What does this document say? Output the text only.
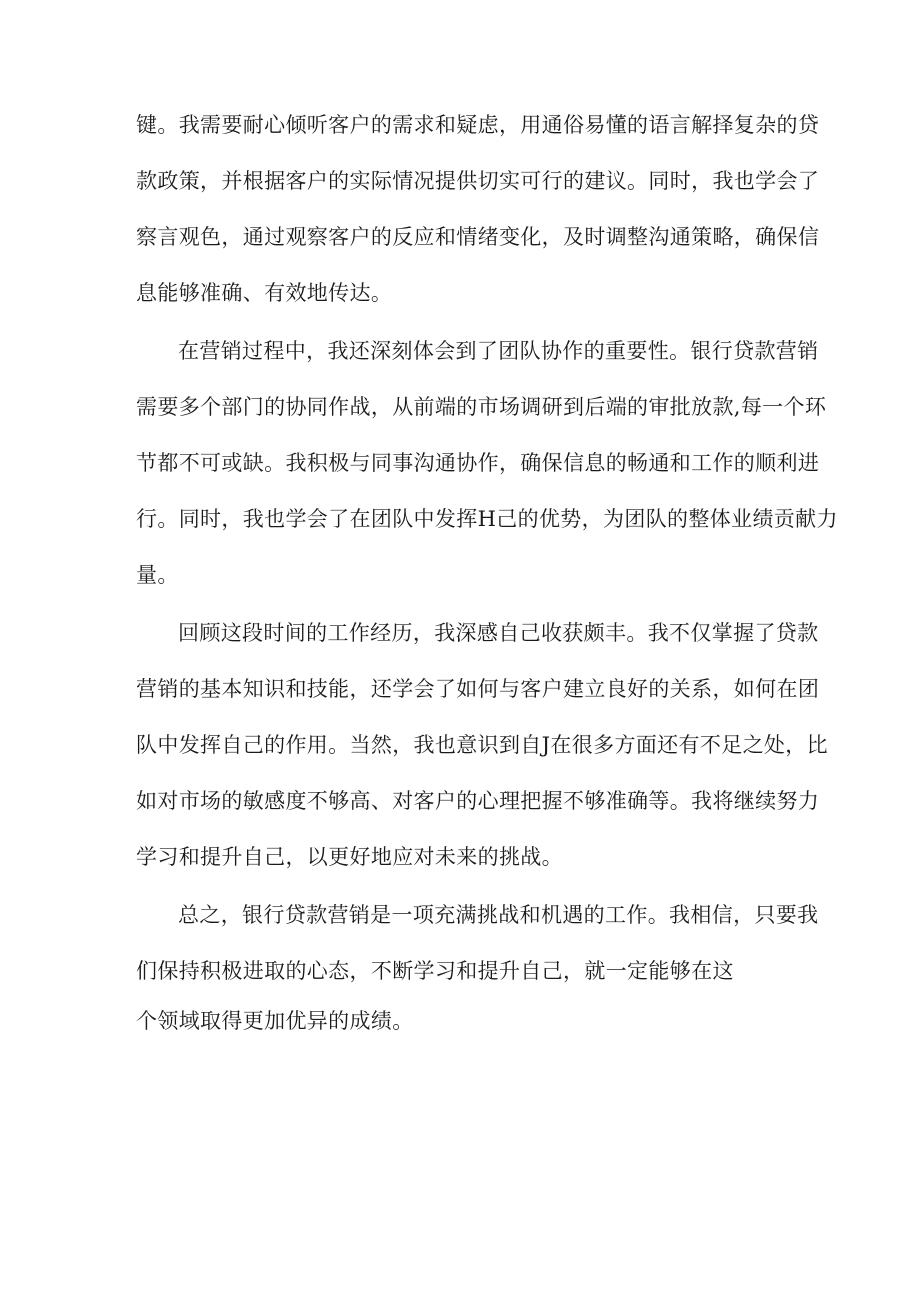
键。我需要耐心倾听客户的需求和疑虑，用通俗易懂的语言解择复杂的贷
款政策，并根据客户的实际情况提供切实可行的建议。同时，我也学会了
察言观色，通过观察客户的反应和情绪变化，及时调整沟通策略，确保信
息能够准确、有效地传达。
在营销过程中，我还深刻体会到了团队协作的重要性。银行贷款营销
需要多个部门的协同作战，从前端的市场调研到后端的审批放款,每一个环
节都不可或缺。我积极与同事沟通协作，确保信息的畅通和工作的顺利进
行。同时，我也学会了在团队中发挥H己的优势，为团队的整体业绩贡献力
量。
回顾这段时间的工作经历，我深感自己收获颇丰。我不仅掌握了贷款
营销的基本知识和技能，还学会了如何与客户建立良好的关系，如何在团
队中发挥自己的作用。当然，我也意识到自J在很多方面还有不足之处，比
如对市场的敏感度不够高、对客户的心理把握不够准确等。我将继续努力
学习和提升自己，以更好地应对未来的挑战。
总之，银行贷款营销是一项充满挑战和机遇的工作。我相信，只要我
们保持积极进取的心态，不断学习和提升自己，就一定能够在这
个领域取得更加优异的成绩。
